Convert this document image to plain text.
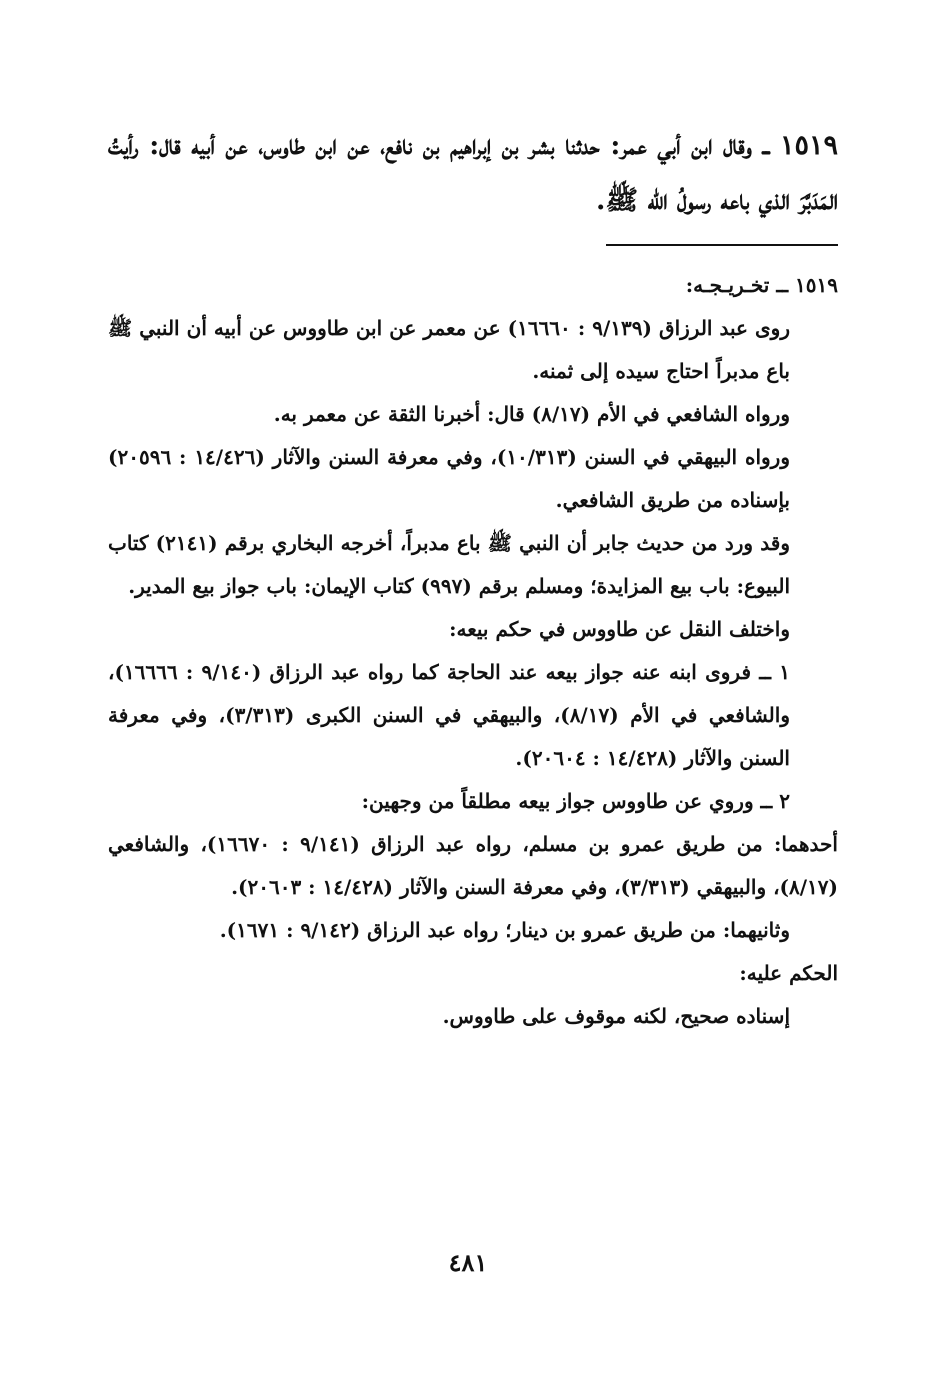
١٥١٩ ــ وقال ابن أبي عمر: حدثنا بشر بن إبراهيم بن نافع، عن ابن طاوس، عن أبيه قال: رأيتُ المَدَبَّرَ الذي باعه رسولُ الله ﷺ.

١٥١٩ ــ تخـريـجـه:

روى عبد الرزاق (٩/١٣٩ : ١٦٦٦٠) عن معمر عن ابن طاووس عن أبيه أن النبي ﷺ باع مدبراً احتاج سيده إلى ثمنه.

ورواه الشافعي في الأم (٨/١٧) قال: أخبرنا الثقة عن معمر به.

ورواه البيهقي في السنن (١٠/٣١٣)، وفي معرفة السنن والآثار (١٤/٤٢٦ : ٢٠٥٩٦) بإسناده من طريق الشافعي.

وقد ورد من حديث جابر أن النبي ﷺ باع مدبراً، أخرجه البخاري برقم (٢١٤١) كتاب البيوع: باب بيع المزايدة؛ ومسلم برقم (٩٩٧) كتاب الإيمان: باب جواز بيع المدير.

واختلف النقل عن طاووس في حكم بيعه:

١ ــ فروى ابنه عنه جواز بيعه عند الحاجة كما رواه عبد الرزاق (٩/١٤٠ : ١٦٦٦٦)، والشافعي في الأم (٨/١٧)، والبيهقي في السنن الكبرى (٣/٣١٣)، وفي معرفة السنن والآثار (١٤/٤٢٨ : ٢٠٦٠٤).

٢ ــ وروي عن طاووس جواز بيعه مطلقاً من وجهين:

أحدهما: من طريق عمرو بن مسلم، رواه عبد الرزاق (٩/١٤١ : ١٦٦٧٠)، والشافعي (٨/١٧)، والبيهقي (٣/٣١٣)، وفي معرفة السنن والآثار (١٤/٤٢٨ : ٢٠٦٠٣).

وثانيهما: من طريق عمرو بن دينار؛ رواه عبد الرزاق (٩/١٤٢ : ١٦٧١).

الحكم عليه:

إسناده صحيح، لكنه موقوف على طاووس.

٤٨١
